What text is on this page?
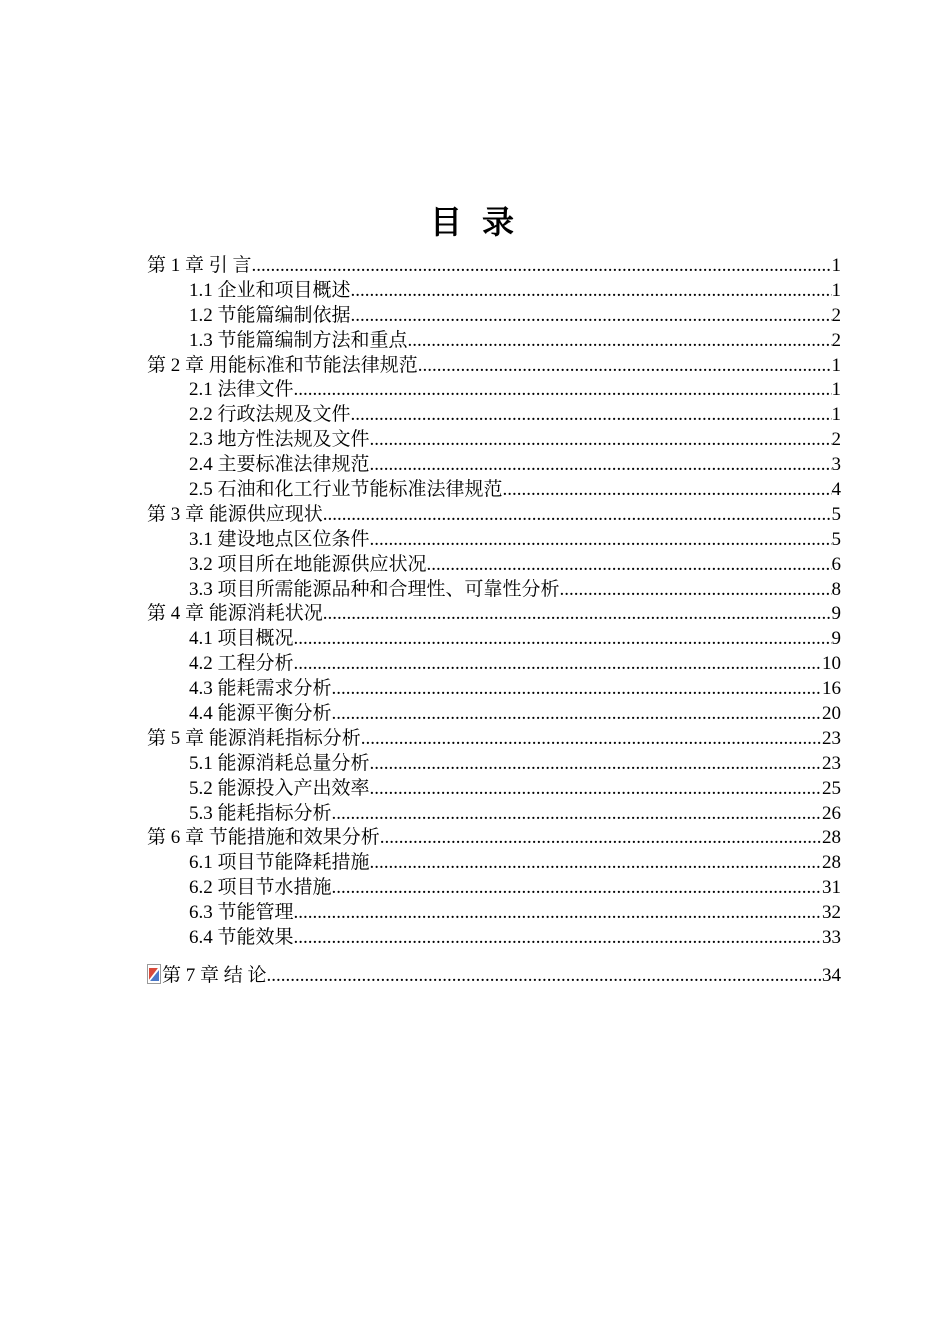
目 录
第 1 章 引 言 .....	1
1.1 企业和项目概述 .....	1
1.2 节能篇编制依据 .....	2
1.3 节能篇编制方法和重点 .....	2
第 2 章 用能标准和节能法律规范 .....	1
2.1 法律文件 .....	1
2.2 行政法规及文件 .....	1
2.3 地方性法规及文件 .....	2
2.4 主要标准法律规范 .....	3
2.5 石油和化工行业节能标准法律规范 .....	4
第 3 章 能源供应现状 .....	5
3.1 建设地点区位条件 .....	5
3.2 项目所在地能源供应状况 .....	6
3.3 项目所需能源品种和合理性、可靠性分析 .....	8
第 4 章 能源消耗状况 .....	9
4.1 项目概况 .....	9
4.2 工程分析 .....	10
4.3 能耗需求分析 .....	16
4.4 能源平衡分析 .....	20
第 5 章 能源消耗指标分析 .....	23
5.1 能源消耗总量分析 .....	23
5.2 能源投入产出效率 .....	25
5.3 能耗指标分析 .....	26
第 6 章 节能措施和效果分析 .....	28
6.1 项目节能降耗措施 .....	28
6.2 项目节水措施 .....	31
6.3 节能管理 .....	32
6.4 节能效果 .....	33
第 7 章 结 论 .....	34
